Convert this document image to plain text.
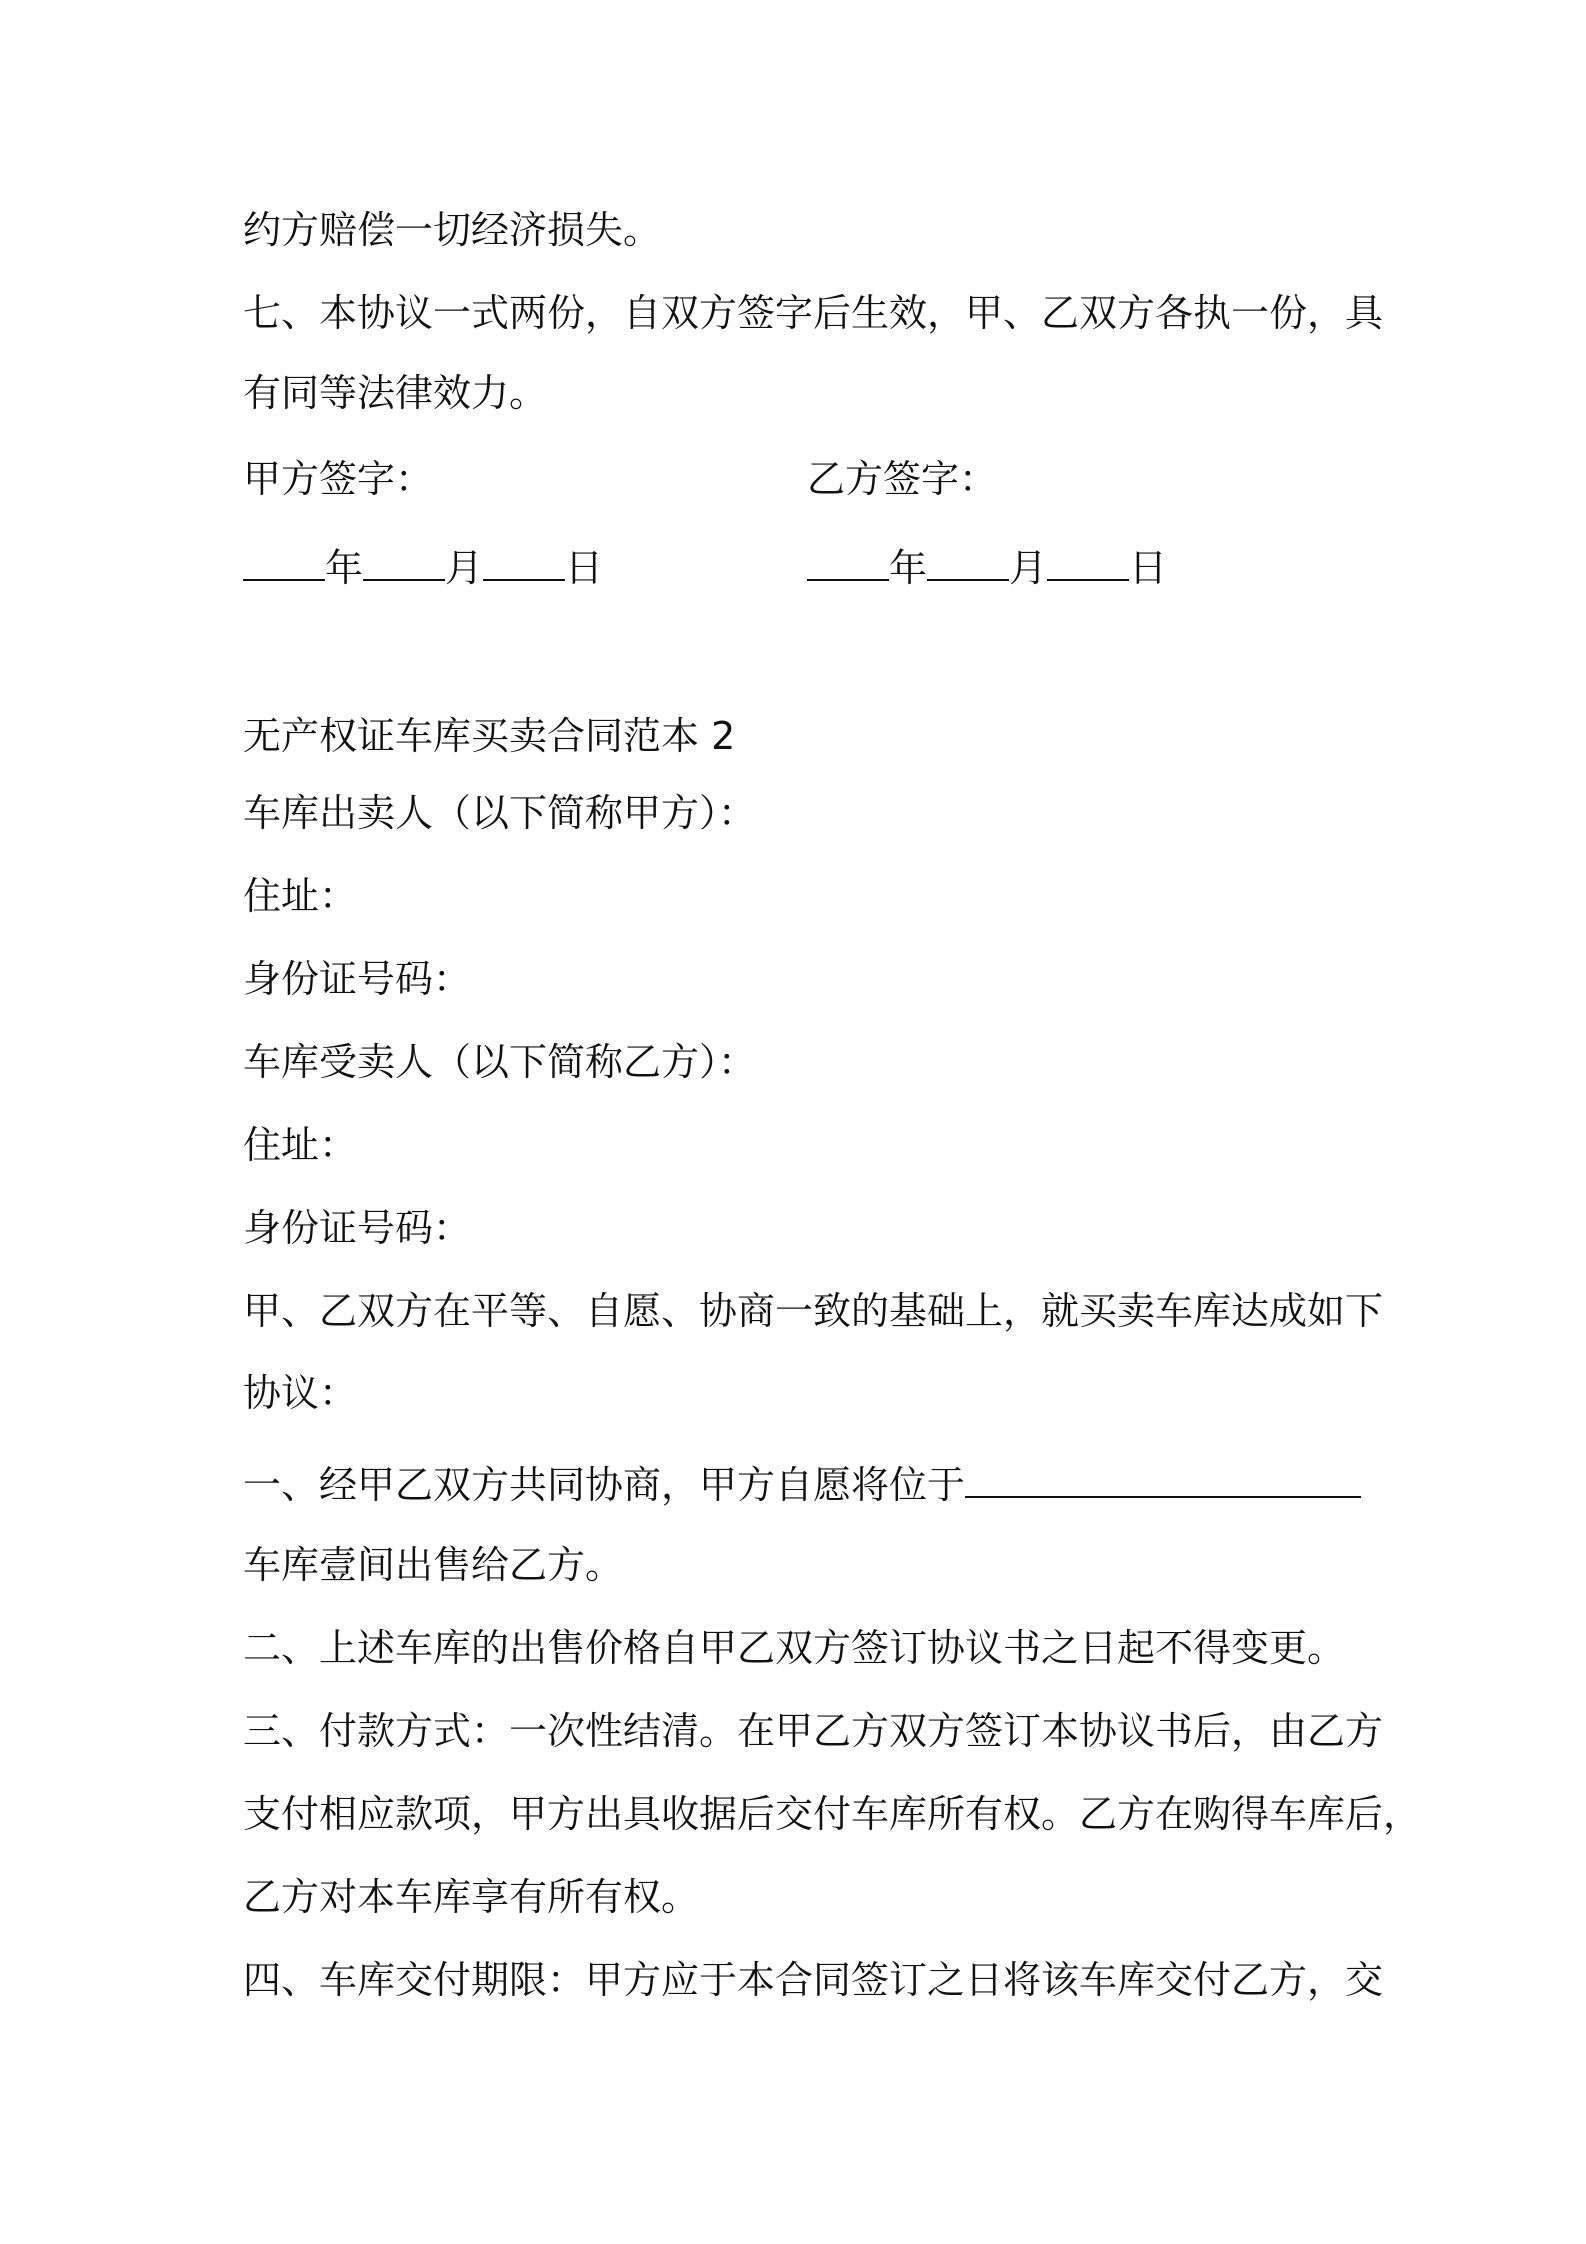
约方赔偿一切经济损失。
七、本协议一式两份，自双方签字后生效，甲、乙双方各执一份，具
有同等法律效力。
甲方签字：	乙方签字：
年 月 日	年 月 日
无产权证车库买卖合同范本 2
车库出卖人（以下简称甲方）：
住址：
身份证号码：
车库受卖人（以下简称乙方）：
住址：
身份证号码：
甲、乙双方在平等、自愿、协商一致的基础上，就买卖车库达成如下
协议：
一、经甲乙双方共同协商，甲方自愿将位于
车库壹间出售给乙方。
二、上述车库的出售价格自甲乙双方签订协议书之日起不得变更。
三、付款方式：一次性结清。在甲乙方双方签订本协议书后，由乙方
支付相应款项，甲方出具收据后交付车库所有权。乙方在购得车库后，
乙方对本车库享有所有权。
四、车库交付期限：甲方应于本合同签订之日将该车库交付乙方，交
